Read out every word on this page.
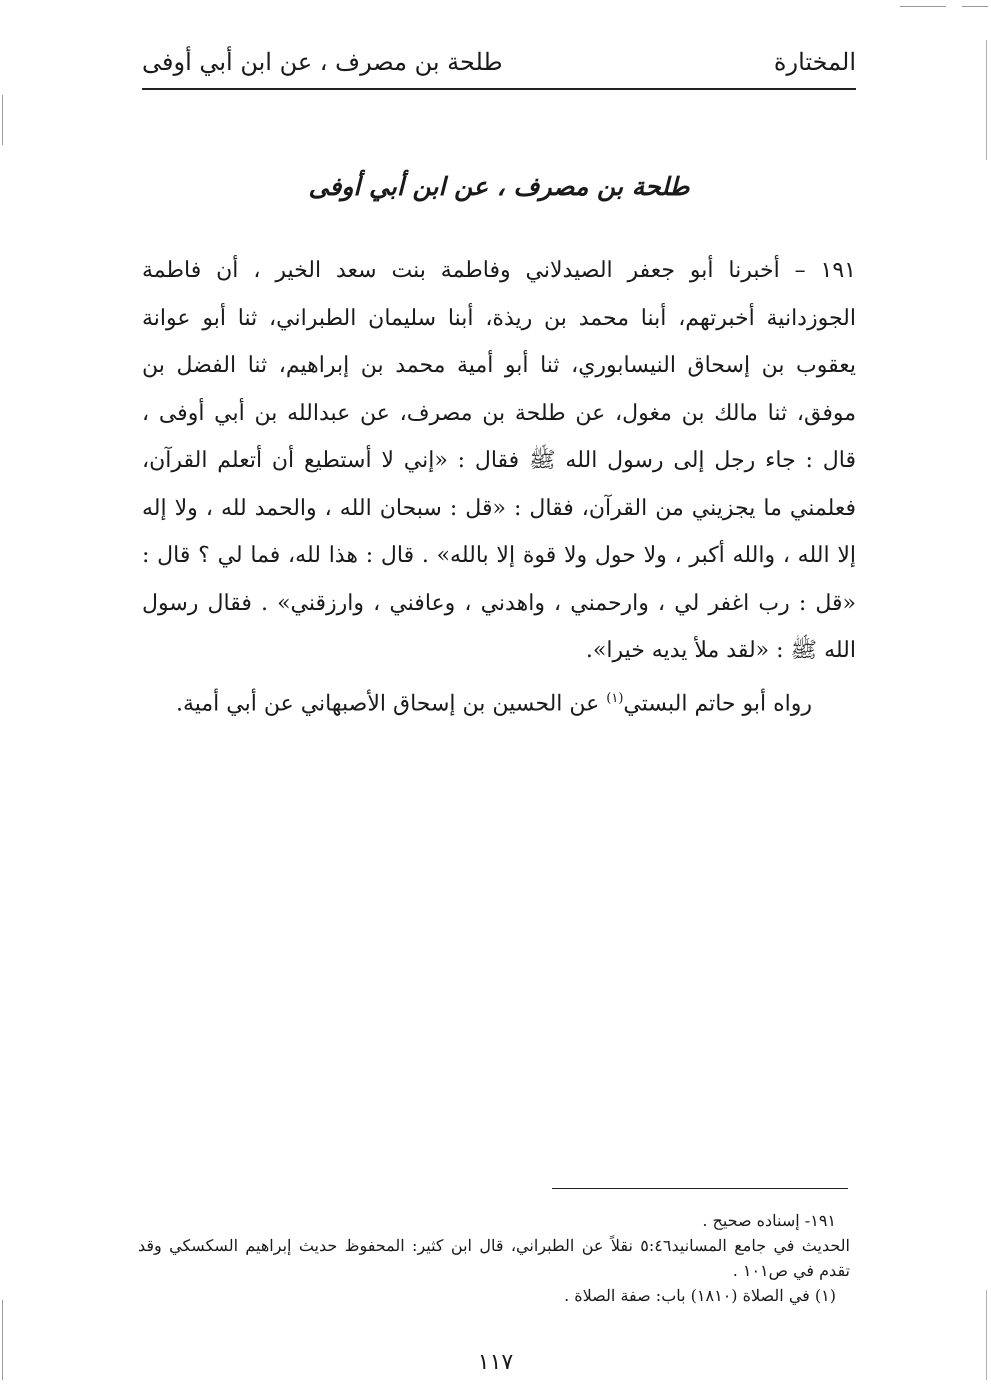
المختارة
طلحة بن مصرف ، عن ابن أبي أوفى
طلحة بن مصرف ، عن ابن أبي أوفى

١٩١ – أخبرنا أبو جعفر الصيدلاني وفاطمة بنت سعد الخير ، أن فاطمة الجوزدانية أخبرتهم، أبنا محمد بن ريذة، أبنا سليمان الطبراني، ثنا أبو عوانة يعقوب بن إسحاق النيسابوري، ثنا أبو أمية محمد بن إبراهيم، ثنا الفضل بن موفق، ثنا مالك بن مغول، عن طلحة بن مصرف، عن عبدالله بن أبي أوفى ، قال : جاء رجل إلى رسول الله ﷺ فقال : «إني لا أستطيع أن أتعلم القرآن، فعلمني ما يجزيني من القرآن، فقال : «قل : سبحان الله ، والحمد لله ، ولا إله إلا الله ، والله أكبر ، ولا حول ولا قوة إلا بالله» . قال : هذا لله، فما لي ؟ قال : «قل : رب اغفر لي ، وارحمني ، واهدني ، وعافني ، وارزقني» . فقال رسول الله ﷺ : «لقد ملأ يديه خيرا».

رواه أبو حاتم البستي$^{(١)}$ عن الحسين بن إسحاق الأصبهاني عن أبي أمية.

١٩١- إسناده صحيح .

الحديث في جامع المسانيد٥:٤٦ نقلاً عن الطبراني، قال ابن كثير: المحفوظ حديث إبراهيم السكسكي وقد تقدم في ص١٠١ .

(١) في الصلاة (١٨١٠) باب: صفة الصلاة .

١١٧
